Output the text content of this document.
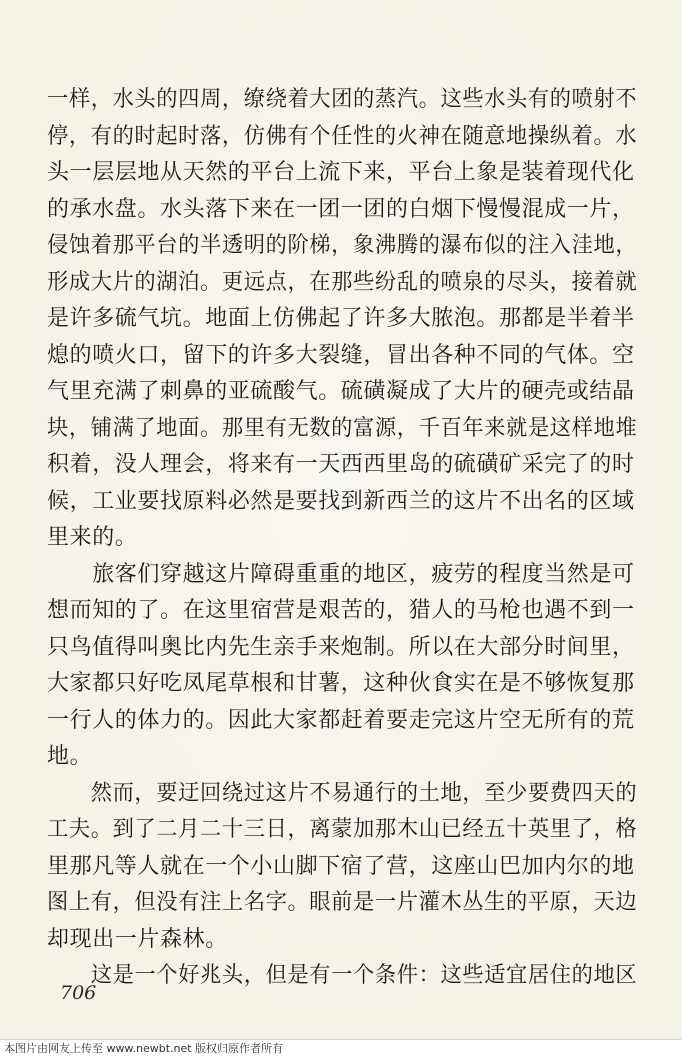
一样，水头的四周，缭绕着大团的蒸汽。这些水头有的喷射不
停，有的时起时落，仿佛有个任性的火神在随意地操纵着。水
头一层层地从天然的平台上流下来，平台上象是装着现代化
的承水盘。水头落下来在一团一团的白烟下慢慢混成一片，
侵蚀着那平台的半透明的阶梯，象沸腾的瀑布似的注入洼地，
形成大片的湖泊。更远点，在那些纷乱的喷泉的尽头，接着就
是许多硫气坑。地面上仿佛起了许多大脓泡。那都是半着半
熄的喷火口，留下的许多大裂缝，冒出各种不同的气体。空
气里充满了刺鼻的亚硫酸气。硫磺凝成了大片的硬壳或结晶
块，铺满了地面。那里有无数的富源，千百年来就是这样地堆
积着，没人理会，将来有一天西西里岛的硫磺矿采完了的时
候，工业要找原料必然是要找到新西兰的这片不出名的区域
里来的。
　　旅客们穿越这片障碍重重的地区，疲劳的程度当然是可
想而知的了。在这里宿营是艰苦的，猎人的马枪也遇不到一
只鸟值得叫奥比内先生亲手来炮制。所以在大部分时间里，
大家都只好吃凤尾草根和甘薯，这种伙食实在是不够恢复那
一行人的体力的。因此大家都赶着要走完这片空无所有的荒
地。
　　然而，要迂回绕过这片不易通行的土地，至少要费四天的
工夫。到了二月二十三日，离蒙加那木山已经五十英里了，格
里那凡等人就在一个小山脚下宿了营，这座山巴加内尔的地
图上有，但没有注上名字。眼前是一片灌木丛生的平原，天边
却现出一片森林。
　　这是一个好兆头，但是有一个条件：这些适宜居住的地区
706
本图片由网友上传至 www.newbt.net 版权归原作者所有
